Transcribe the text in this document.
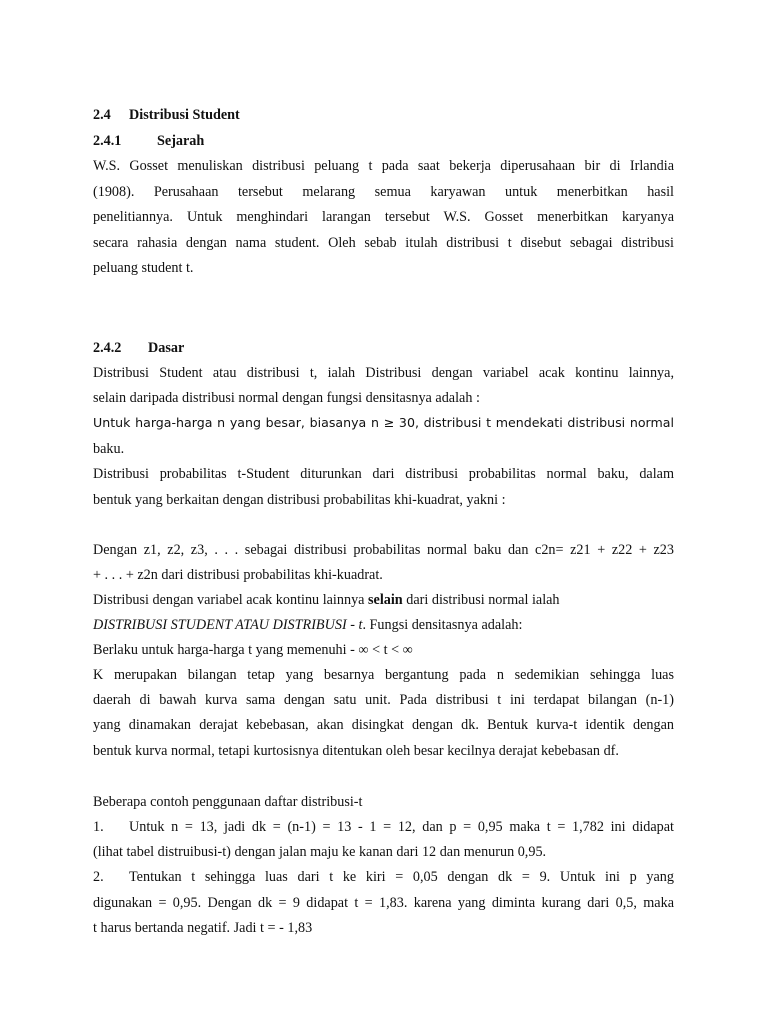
2.4 Distribusi Student
2.4.1	Sejarah
W.S. Gosset menuliskan distribusi peluang t pada saat bekerja diperusahaan bir di Irlandia
(1908). Perusahaan tersebut melarang semua karyawan untuk menerbitkan hasil
penelitiannya. Untuk menghindari larangan tersebut W.S. Gosset menerbitkan karyanya
secara rahasia dengan nama student. Oleh sebab itulah distribusi t disebut sebagai distribusi
peluang student t.
2.4.2 Dasar
Distribusi Student atau distribusi t, ialah Distribusi dengan variabel acak kontinu lainnya,
selain daripada distribusi normal dengan fungsi densitasnya adalah :
Untuk harga-harga n yang besar, biasanya n ≥ 30, distribusi t mendekati distribusi normal
baku.
Distribusi probabilitas t-Student diturunkan dari distribusi probabilitas normal baku, dalam
bentuk yang berkaitan dengan distribusi probabilitas khi-kuadrat, yakni :
Dengan z1, z2, z3, . . . sebagai distribusi probabilitas normal baku dan c2n= z21 + z22 + z23
+ . . . + z2n dari distribusi probabilitas khi-kuadrat.
Distribusi dengan variabel acak kontinu lainnya selain dari distribusi normal ialah
DISTRIBUSI STUDENT ATAU DISTRIBUSI - t. Fungsi densitasnya adalah:
Berlaku untuk harga-harga t yang memenuhi - ∞ < t < ∞
K merupakan bilangan tetap yang besarnya bergantung pada n sedemikian sehingga luas
daerah di bawah kurva sama dengan satu unit. Pada distribusi t ini terdapat bilangan (n-1)
yang dinamakan derajat kebebasan, akan disingkat dengan dk. Bentuk kurva-t identik dengan
bentuk kurva normal, tetapi kurtosisnya ditentukan oleh besar kecilnya derajat kebebasan df.
Beberapa contoh penggunaan daftar distribusi-t
1. Untuk n = 13, jadi dk = (n-1) = 13 - 1 = 12, dan p = 0,95 maka t = 1,782 ini didapat
(lihat tabel distruibusi-t) dengan jalan maju ke kanan dari 12 dan menurun 0,95.
2. Tentukan t sehingga luas dari t ke kiri = 0,05 dengan dk = 9. Untuk ini p yang
digunakan = 0,95. Dengan dk = 9 didapat t = 1,83. karena yang diminta kurang dari 0,5, maka
t harus bertanda negatif. Jadi t = - 1,83
